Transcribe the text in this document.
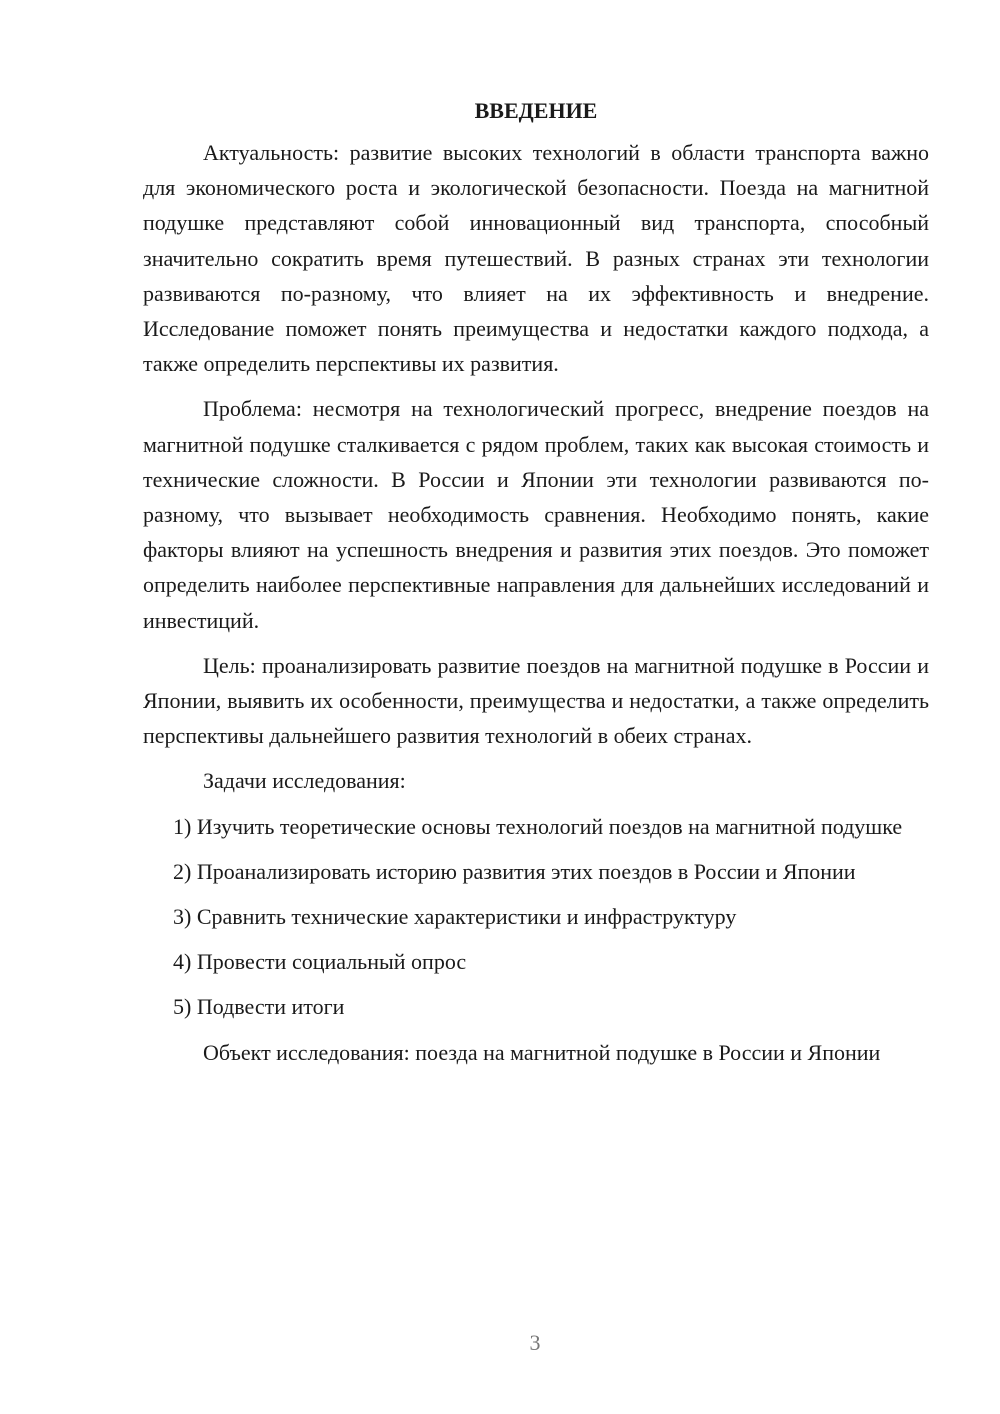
ВВЕДЕНИЕ

Актуальность: развитие высоких технологий в области транспорта важно для экономического роста и экологической безопасности. Поезда на магнитной подушке представляют собой инновационный вид транспорта, способный значительно сократить время путешествий. В разных странах эти технологии развиваются по-разному, что влияет на их эффективность и внедрение. Исследование поможет понять преимущества и недостатки каждого подхода, а также определить перспективы их развития.

Проблема: несмотря на технологический прогресс, внедрение поездов на магнитной подушке сталкивается с рядом проблем, таких как высокая стоимость и технические сложности. В России и Японии эти технологии развиваются по-разному, что вызывает необходимость сравнения. Необходимо понять, какие факторы влияют на успешность внедрения и развития этих поездов. Это поможет определить наиболее перспективные направления для дальнейших исследований и инвестиций.

Цель: проанализировать развитие поездов на магнитной подушке в России и Японии, выявить их особенности, преимущества и недостатки, а также определить перспективы дальнейшего развития технологий в обеих странах.

Задачи исследования:

1) Изучить теоретические основы технологий поездов на магнитной подушке

2) Проанализировать историю развития этих поездов в России и Японии

3) Сравнить технические характеристики и инфраструктуру

4) Провести социальный опрос

5) Подвести итоги

Объект исследования: поезда на магнитной подушке в России и Японии

3
